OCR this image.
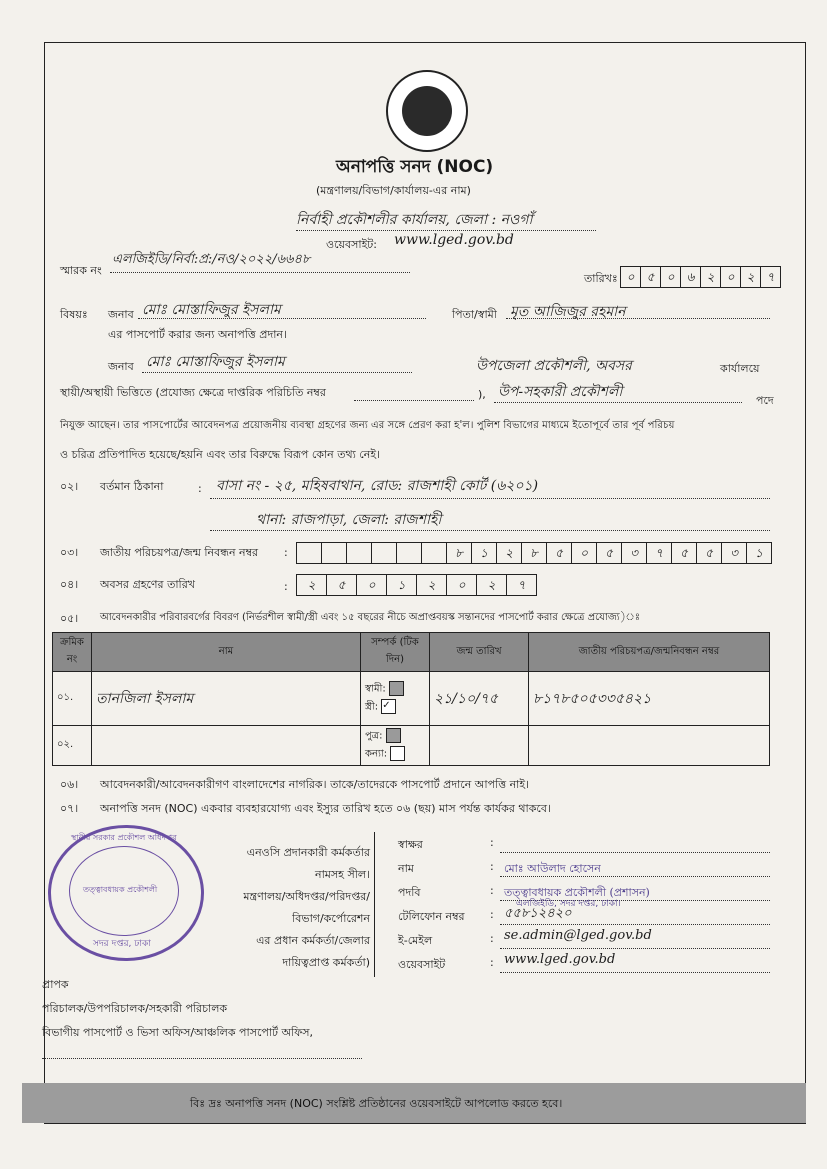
অনাপত্তি সনদ (NOC)
(মন্ত্রণালয়/বিভাগ/কার্যালয়-এর নাম)
নির্বাহী প্রকৌশলীর কার্যালয়, জেলা : নওগাঁ
ওয়েবসাইট: www.lged.gov.bd
স্মারক নং
এলজিইডি/নির্বা:প্র:/নও/২০২২/৬৬৪৮
তারিখঃ ০	৫	০	৬	২	০	২	৭
বিষয়ঃ জনাব মোঃ মোস্তাফিজুর ইসলাম	পিতা/স্বামী মৃত আজিজুর রহমান
এর পাসপোর্ট করার জন্য অনাপত্তি প্রদান।
জনাব মোঃ মোস্তাফিজুর ইসলাম	উপজেলা প্রকৌশলী, অবসর	কার্যালয়ে
স্থায়ী/অস্থায়ী ভিত্তিতে (প্রযোজ্য ক্ষেত্রে দাপ্তরিক পরিচিতি নম্বর	), উপ-সহকারী প্রকৌশলী
পদে
নিযুক্ত আছেন। তার পাসপোর্টের আবেদনপত্র প্রয়োজনীয় ব্যবস্থা গ্রহণের জন্য এর সঙ্গে প্রেরণ করা হ'ল। পুলিশ বিভাগের মাধ্যমে ইতোপূর্বে তার পূর্ব পরিচয়
ও চরিত্র প্রতিপাদিত হয়েছে/হয়নি এবং তার বিরুদ্ধে বিরূপ কোন তথ্য নেই।
০২। বর্তমান ঠিকানা	: বাসা নং - ২৫, মহিষবাথান, রোড: রাজশাহী কোর্ট (৬২০১)
থানা: রাজপাড়া, জেলা: রাজশাহী
০৩। জাতীয় পরিচয়পত্র/জন্ম নিবন্ধন নম্বর :	৮	১	২	৮	৫	০	৫	৩	৭	৫	৫	৩	১
০৪। অবসর গ্রহণের তারিখ	:	২	৫	০	১	২	০	২	৭
০৫। আবেদনকারীর পরিবারবর্গের বিবরণ (নির্ভরশীল স্বামী/স্ত্রী এবং ১৫ বছরের নীচে অপ্রাপ্তবয়স্ক সন্তানদের পাসপোর্ট করার ক্ষেত্রে প্রযোজ্য)ঃ
ক্রমিক নং	নাম	সম্পর্ক (টিক দিন)	জন্ম তারিখ	জাতীয় পরিচয়পত্র/জন্মনিবন্ধন নম্বর
০১.	তানজিলা ইসলাম	স্বামী:
স্ত্রী: ✓	২১/১০/৭৫	৮১৭৮৫০৫৩৩৫৪২১
০২.		পুত্র:
কন্যা:		

০৬। আবেদনকারী/আবেদনকারীগণ বাংলাদেশের নাগরিক। তাকে/তাদেরকে পাসপোর্ট প্রদানে আপত্তি নাই।
০৭। অনাপত্তি সনদ (NOC) একবার ব্যবহারযোগ্য এবং ইস্যুর তারিখ হতে ০৬ (ছয়) মাস পর্যন্ত কার্যকর থাকবে।
স্থানীয় সরকার প্রকৌশল অধিদপ্তর
তত্ত্বাবধায়ক প্রকৌশলী
সদর দপ্তর, ঢাকা
এনওসি প্রদানকারী কর্মকর্তার
নামসহ সীল।
মন্ত্রণালয়/অধিদপ্তর/পরিদপ্তর/
বিভাগ/কর্পোরেশন
এর প্রধান কর্মকর্তা/জেলার
দায়িত্বপ্রাপ্ত কর্মকর্তা)
স্বাক্ষর	:
নাম	: মোঃ আউলাদ হোসেন
পদবি	: তত্ত্বাবধায়ক প্রকৌশলী (প্রশাসন)
টেলিফোন নম্বর : ৫৫৮১২৪২০
ই-মেইল	: se.admin@lged.gov.bd
ওয়েবসাইট	: www.lged.gov.bd
এলজিইডি, সদর দপ্তর, ঢাকা।
প্রাপক
পরিচালক/উপপরিচালক/সহকারী পরিচালক
বিভাগীয় পাসপোর্ট ও ভিসা অফিস/আঞ্চলিক পাসপোর্ট অফিস,
বিঃ দ্রঃ অনাপত্তি সনদ (NOC) সংশ্লিষ্ট প্রতিষ্ঠানের ওয়েবসাইটে আপলোড করতে হবে।
